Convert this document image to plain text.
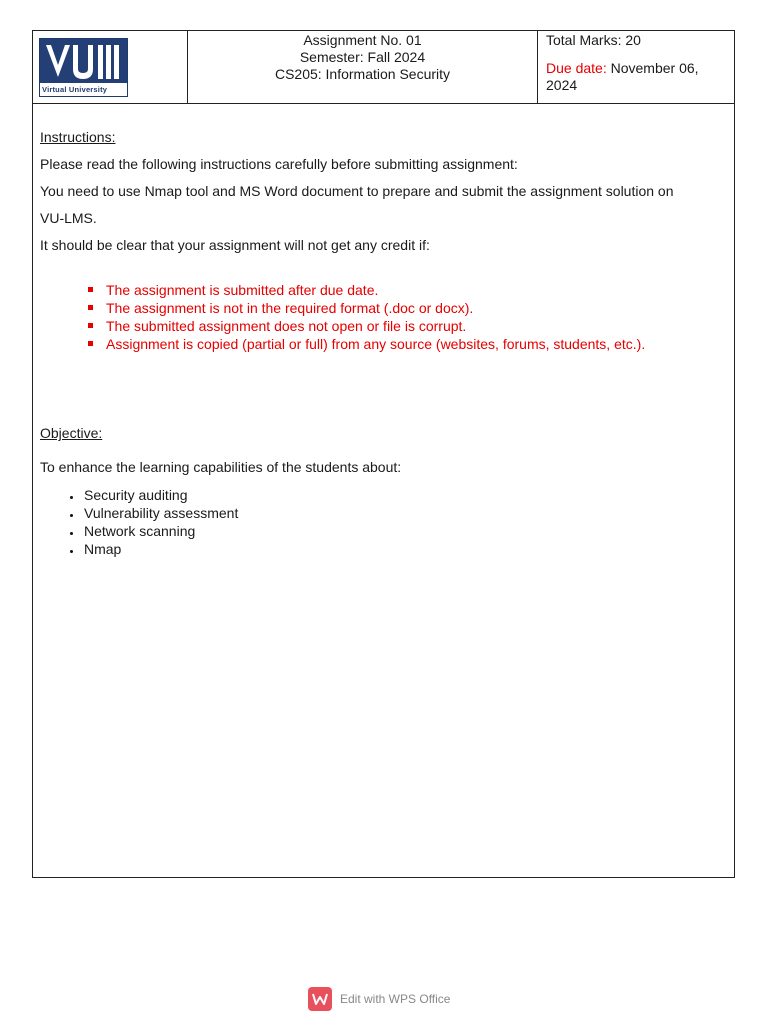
Virtual University
Assignment No. 01
Semester: Fall 2024
CS205: Information Security
Total Marks: 20
Due date: November 06,
2024
Instructions:
Please read the following instructions carefully before submitting assignment:
You need to use Nmap tool and MS Word document to prepare and submit the assignment solution on
VU-LMS.
It should be clear that your assignment will not get any credit if:
The assignment is submitted after due date.
The assignment is not in the required format (.doc or docx).
The submitted assignment does not open or file is corrupt.
Assignment is copied (partial or full) from any source (websites, forums, students, etc.).
Objective:
To enhance the learning capabilities of the students about:
Security auditing
Vulnerability assessment
Network scanning
Nmap
Edit with WPS Office
